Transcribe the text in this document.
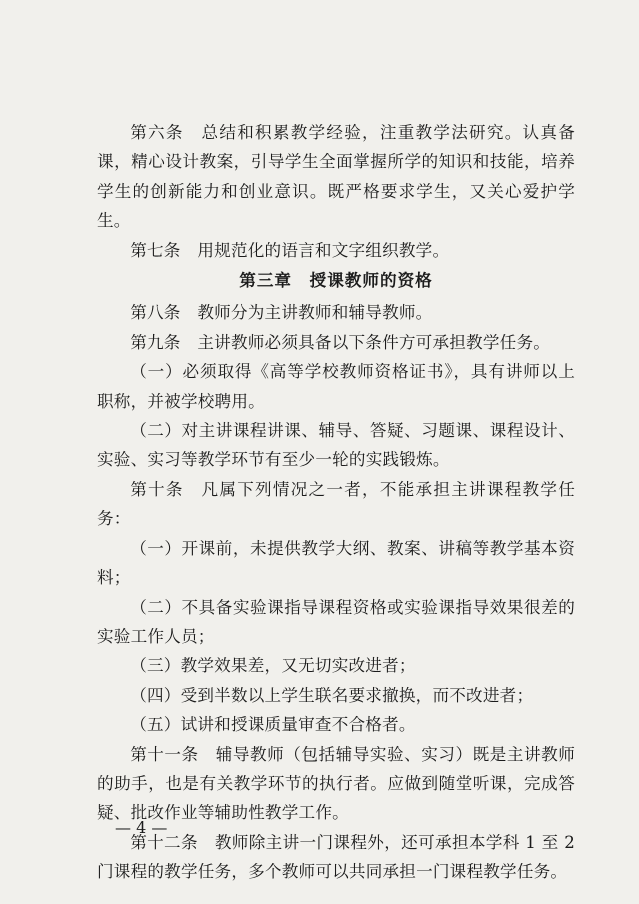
第六条　总结和积累教学经验，注重教学法研究。认真备课，精心设计教案，引导学生全面掌握所学的知识和技能，培养学生的创新能力和创业意识。既严格要求学生，又关心爱护学生。

第七条　用规范化的语言和文字组织教学。

第三章　授课教师的资格

第八条　教师分为主讲教师和辅导教师。

第九条　主讲教师必须具备以下条件方可承担教学任务。

（一）必须取得《高等学校教师资格证书》，具有讲师以上职称，并被学校聘用。

（二）对主讲课程讲课、辅导、答疑、习题课、课程设计、实验、实习等教学环节有至少一轮的实践锻炼。

第十条　凡属下列情况之一者，不能承担主讲课程教学任务：

（一）开课前，未提供教学大纲、教案、讲稿等教学基本资料；

（二）不具备实验课指导课程资格或实验课指导效果很差的实验工作人员；

（三）教学效果差，又无切实改进者；

（四）受到半数以上学生联名要求撤换，而不改进者；

（五）试讲和授课质量审查不合格者。

第十一条　辅导教师（包括辅导实验、实习）既是主讲教师的助手，也是有关教学环节的执行者。应做到随堂听课，完成答疑、批改作业等辅助性教学工作。

第十二条　教师除主讲一门课程外，还可承担本学科 1 至 2 门课程的教学任务，多个教师可以共同承担一门课程教学任务。

— 4 —
